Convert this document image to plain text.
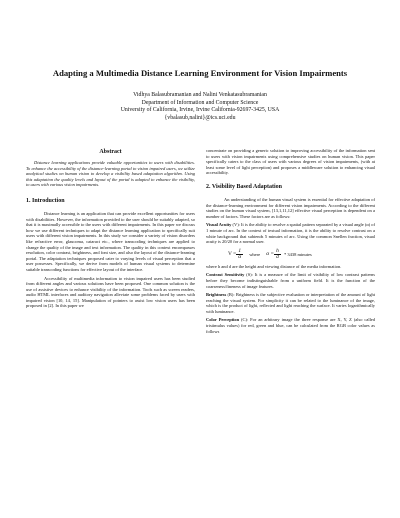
Adapting a Multimedia Distance Learning Environment for Vision Impairments
Vidhya Balasubramanian and Nalini Venkatasubramanian
Department of Information and Computer Science
University of California, Irvine, Irvine California-92697-3425, USA
{vbalasub,nalini}@ics.uci.edu
Abstract

Distance learning applications provide valuable opportunities to users with disabilities. To enhance the accessibility of the distance-learning portal to vision impaired users, we utilize analytical studies on human vision to develop a visibility based adaptation algorithm. Using this adaptation the quality levels and layout of the portal is adapted to enhance the visibility, to users with various vision impairments.

1. Introduction

Distance learning is an application that can provide excellent opportunities for users with disabilities. However, the information provided to the user should be suitably adapted, so that it is maximally accessible to the users with different impairments. In this paper we discuss how we use different techniques to adapt the distance learning application to specifically suit users with different vision impairments. In this study we consider a variety of vision disorders like refractive error, glaucoma, cataract etc., where transcoding techniques are applied to change the quality of the image and text information. The quality in this context encompasses resolution, color contrast, brightness, and font size, and also the layout of the distance-learning portal. The adaptation techniques proposed cater to varying levels of visual perception that a user possesses. Specifically, we derive from models of human visual systems to determine suitable transcoding functions for effective layout of the interface.

Accessibility of multimedia information to vision impaired users has been studied from different angles and various solutions have been proposed. One common solution is the use of assistive devices to enhance visibility of the information. Tools such as screen readers, audio HTML interfaces and auditory navigation alleviate some problems faced by users with impaired vision [10, 14, 15]. Manipulation of pointers to assist low vision users has been proposed in [2]. In this paper we

concentrate on providing a generic solution to improving accessibility of the information sent to users with vision impairments using comprehensive studies on human vision. This paper specifically caters to the class of users with various degrees of vision impairments, (with at least some level of light perception) and proposes a middleware solution to enhancing visual accessibility.

2. Visibility Based Adaptation

An understanding of the human visual system is essential for effective adaptation of the distance-learning environment for different vision impairments. According to the different studies on the human visual system, [13,1,11,12] effective visual perception is dependent on a number of factors. These factors are as follows:

Visual Acuity (V): It is the ability to resolve a spatial pattern separated by a visual angle (α) of 1 minute of arc. In the context of textual information, it is the ability to resolve contrast on a white background that subtends 5 minutes of arc. Using the common Snellen fraction, visual acuity is 20/20 for a normal user.

$V = \frac{1}{\alpha}$ where $\alpha = \frac{h}{d} * 3438$ minutes

where h and d are the height and viewing distance of the media information.

Contrast Sensitivity (S): It is a measure of the limit of visibility of low contrast patterns before they become indistinguishable from a uniform field. It is the function of the coarseness/fineness of image features.

Brightness (B): Brightness is the subjective evaluation or interpretation of the amount of light reaching the visual system. For simplicity it can be related to the luminance of the image, which is the product of light, reflected and light reaching the surface. It varies logarithmically with luminance.

Color Perception (C): For an arbitrary image the three response are X, Y, Z (also called tristimulus values) for red, green and blue, can be calculated from the RGB color values as follows
